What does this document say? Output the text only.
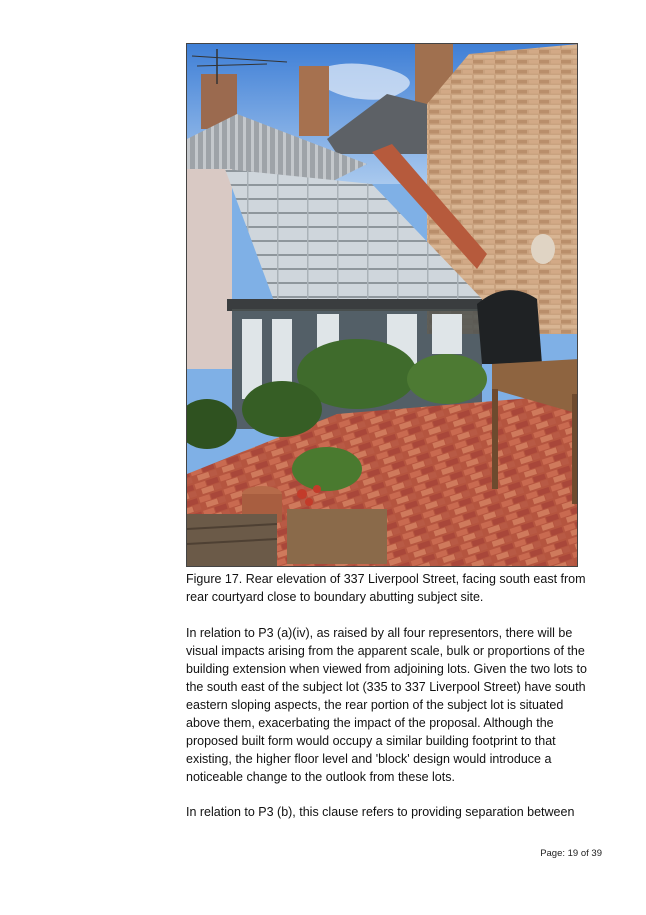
Figure 17. Rear elevation of 337 Liverpool Street, facing south east from rear courtyard close to boundary abutting subject site.

In relation to P3 (a)(iv), as raised by all four representors, there will be visual impacts arising from the apparent scale, bulk or proportions of the building extension when viewed from adjoining lots. Given the two lots to the south east of the subject lot (335 to 337 Liverpool Street) have south eastern sloping aspects, the rear portion of the subject lot is situated above them, exacerbating the impact of the proposal. Although the proposed built form would occupy a similar building footprint to that existing, the higher floor level and 'block' design would introduce a noticeable change to the outlook from these lots.

In relation to P3 (b), this clause refers to providing separation between

Page: 19 of 39
